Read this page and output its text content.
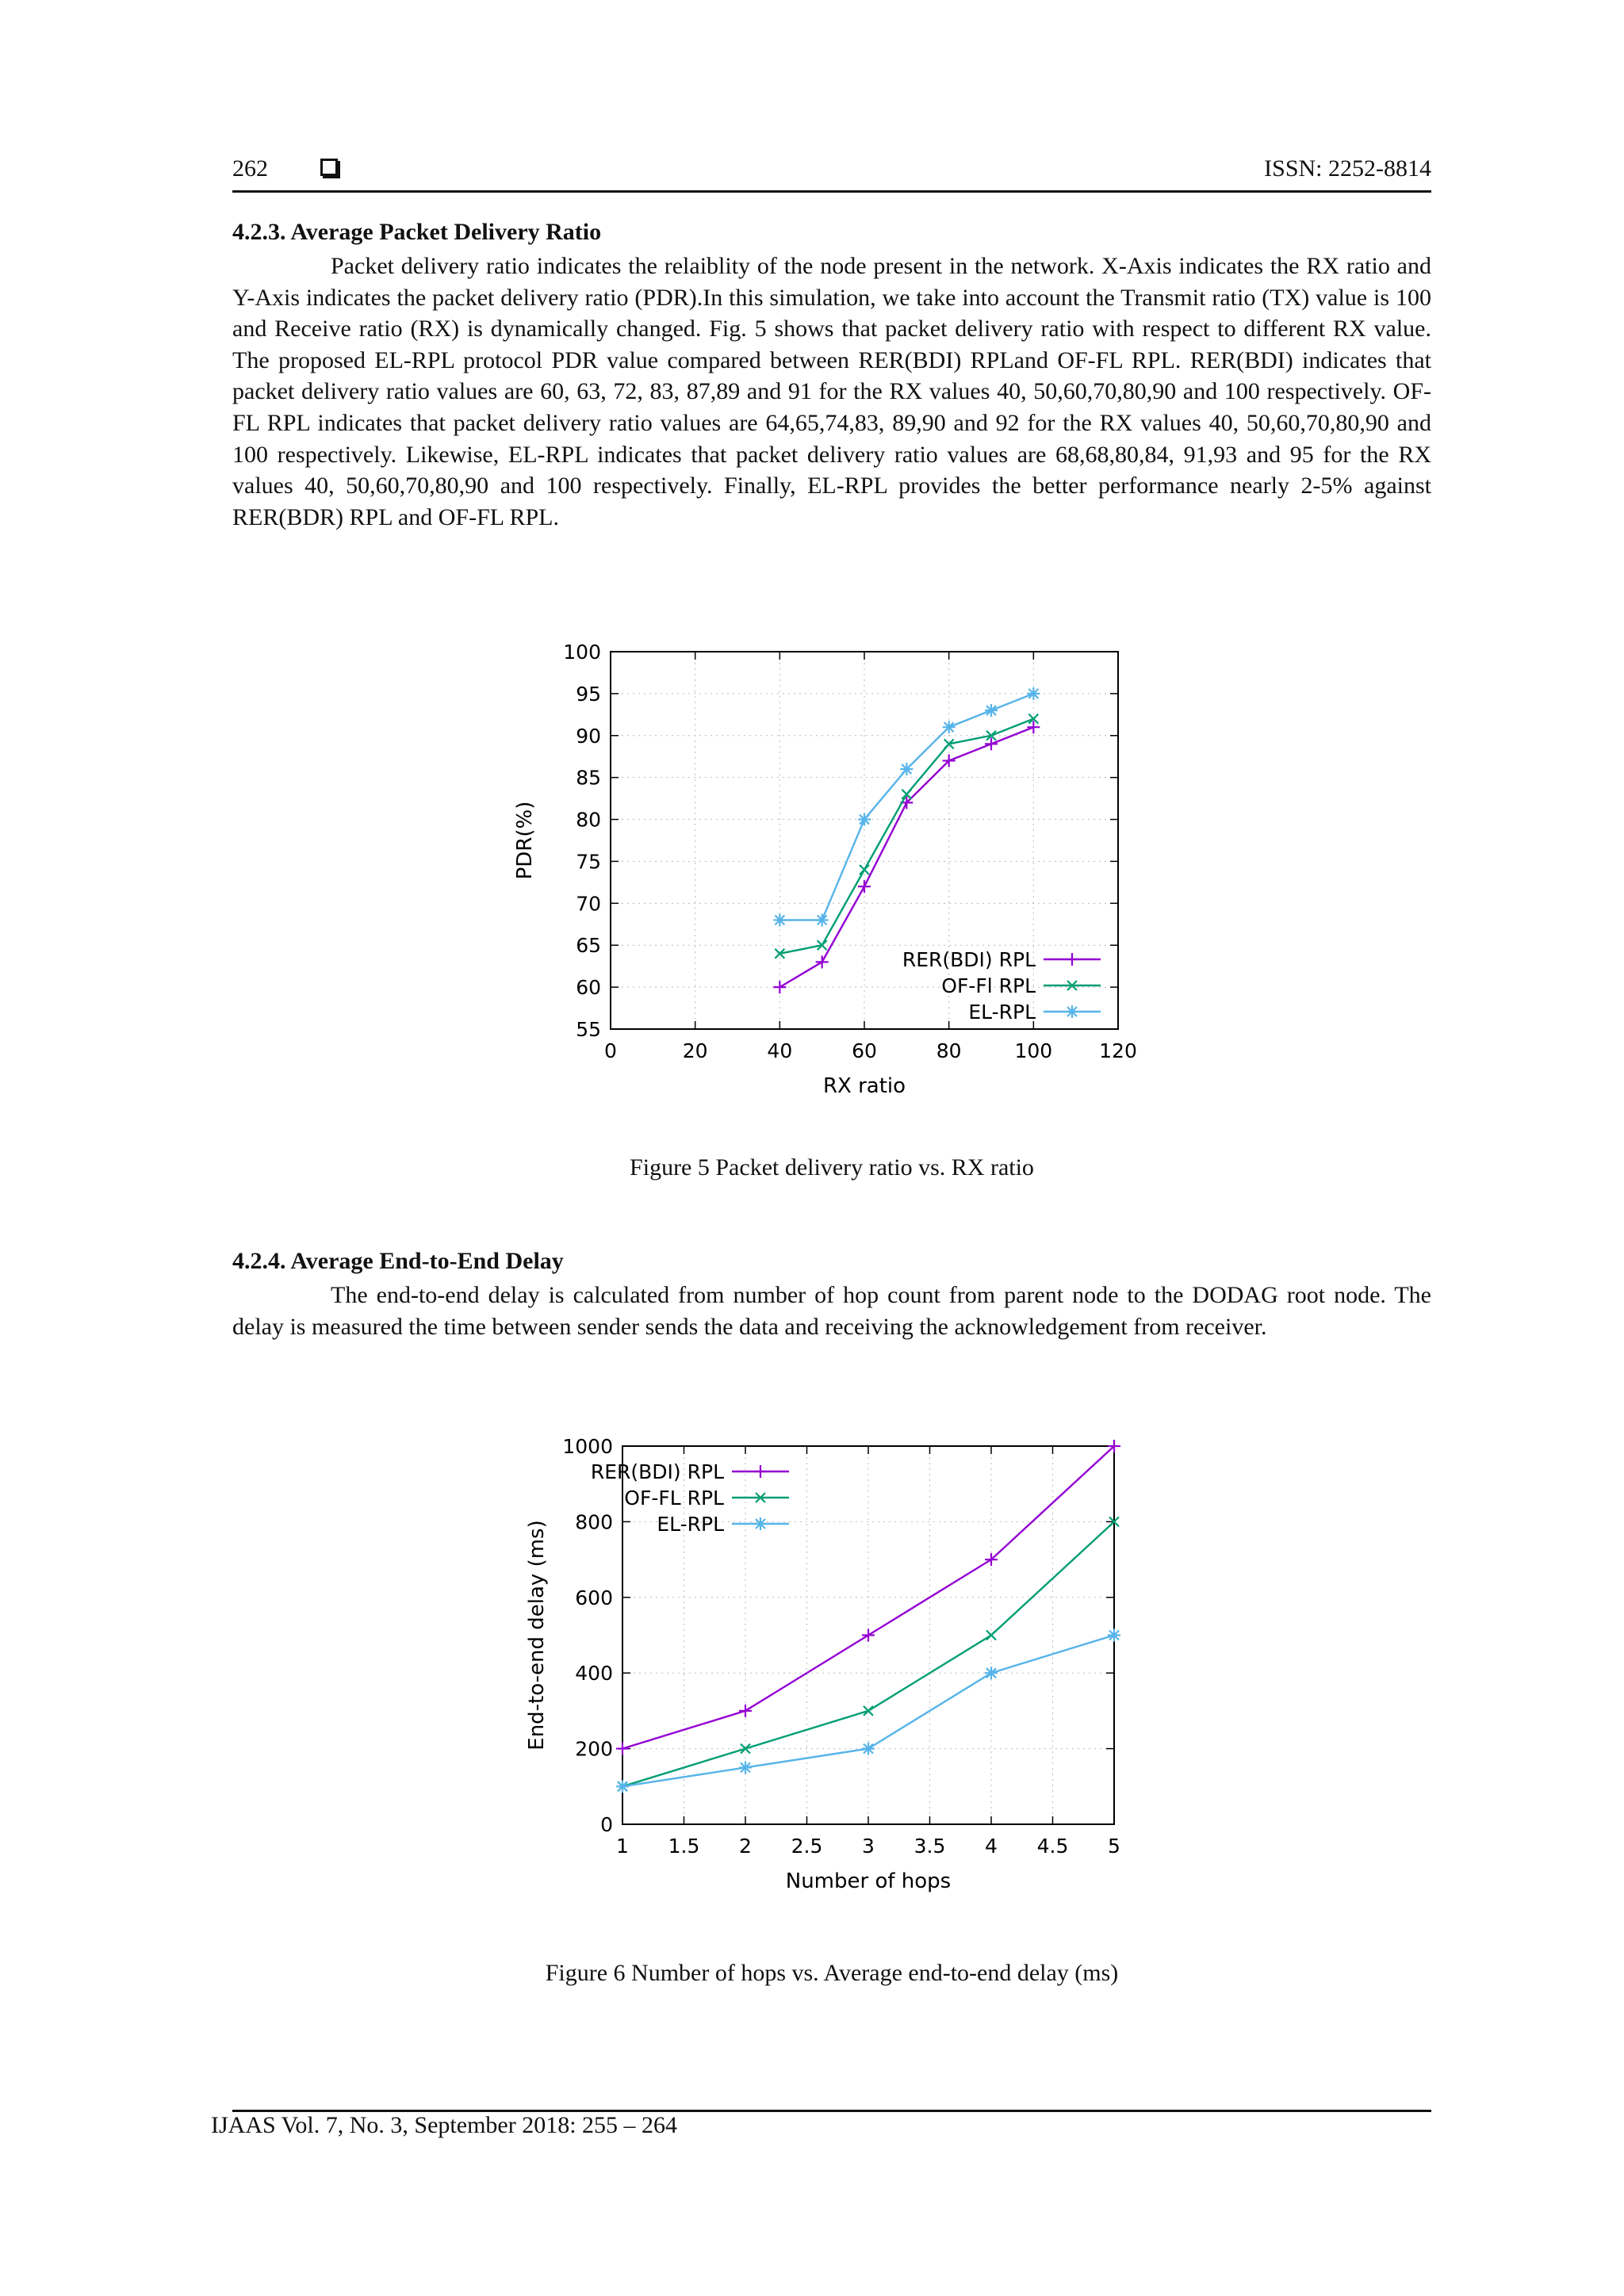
262	ISSN: 2252-8814
4.2.3. Average Packet Delivery Ratio

Packet delivery ratio indicates the relaiblity of the node present in the network. X-Axis indicates the RX ratio and Y-Axis indicates the packet delivery ratio (PDR).In this simulation, we take into account the Transmit ratio (TX) value is 100 and Receive ratio (RX) is dynamically changed. Fig. 5 shows that packet delivery ratio with respect to different RX value. The proposed EL-RPL protocol PDR value compared between RER(BDI) RPLand OF-FL RPL. RER(BDI) indicates that packet delivery ratio values are 60, 63, 72, 83, 87,89 and 91 for the RX values 40, 50,60,70,80,90 and 100 respectively. OF-FL RPL indicates that packet delivery ratio values are 64,65,74,83, 89,90 and 92 for the RX values 40, 50,60,70,80,90 and 100 respectively. Likewise, EL-RPL indicates that packet delivery ratio values are 68,68,80,84, 91,93 and 95 for the RX values 40, 50,60,70,80,90 and 100 respectively. Finally, EL-RPL provides the better performance nearly 2-5% against RER(BDR) RPL and OF-FL RPL.

0	20	40	60	80	100 120
55
60
65
70
75
80
85
90
95
100
RX ratio
PDR(%)
RER(BDI) RPL
OF-Fl RPL
EL-RPL
Figure 5 Packet delivery ratio vs. RX ratio
4.2.4. Average End-to-End Delay

The end-to-end delay is calculated from number of hop count from parent node to the DODAG root node. The delay is measured the time between sender sends the data and receiving the acknowledgement from receiver.

1 1.5 2 2.5 3 3.5 4 4.5 5
0
200
400
600
800
1000
Number of hops
End-to-end delay (ms)
RER(BDI) RPL
OF-FL RPL
EL-RPL
Figure 6 Number of hops vs. Average end-to-end delay (ms)
IJAAS Vol. 7, No. 3, September 2018: 255 – 264
